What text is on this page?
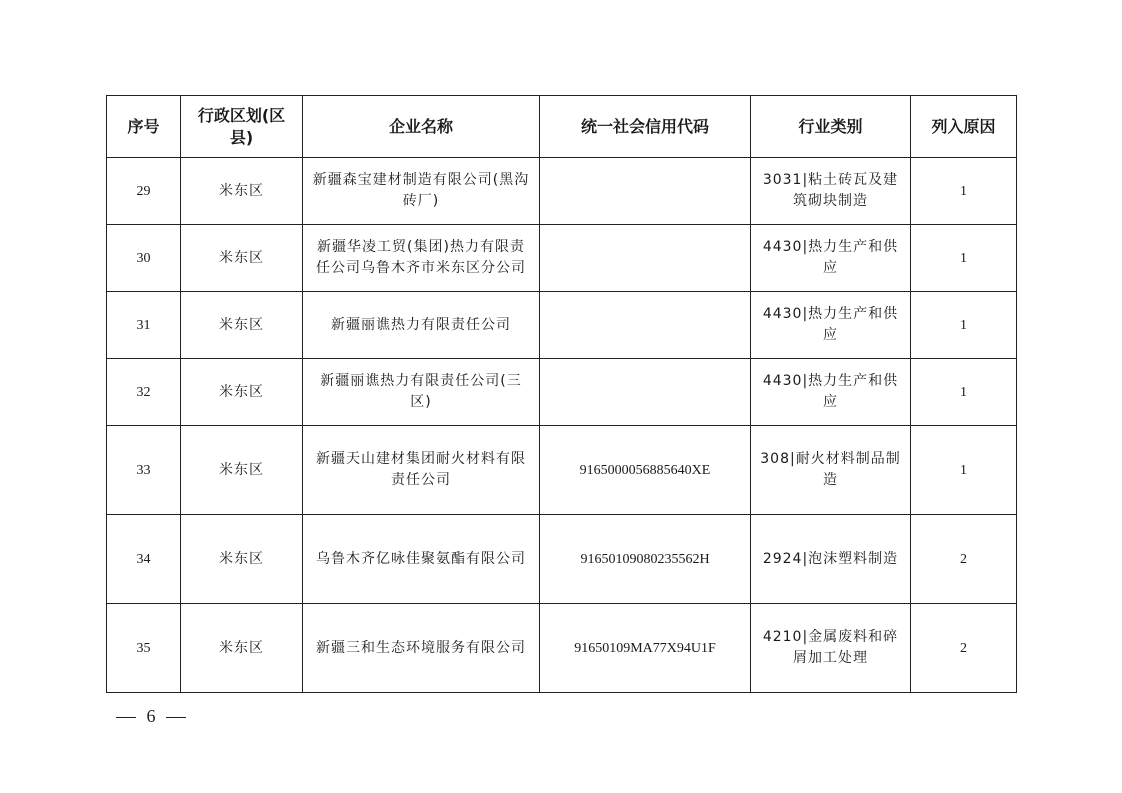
序号	行政区划(区县)	企业名称	统一社会信用代码	行业类别	列入原因
29	米东区	新疆森宝建材制造有限公司(黑沟砖厂)		3031|粘土砖瓦及建筑砌块制造	1
30	米东区	新疆华凌工贸(集团)热力有限责任公司乌鲁木齐市米东区分公司		4430|热力生产和供应	1
31	米东区	新疆丽谯热力有限责任公司		4430|热力生产和供应	1
32	米东区	新疆丽谯热力有限责任公司(三区)		4430|热力生产和供应	1
33	米东区	新疆天山建材集团耐火材料有限责任公司	9165000056885640XE	308|耐火材料制品制造	1
34	米东区	乌鲁木齐亿咏佳聚氨酯有限公司	91650109080235562H	2924|泡沫塑料制造	2
35	米东区	新疆三和生态环境服务有限公司	91650109MA77X94U1F	4210|金属废料和碎屑加工处理	2
6
